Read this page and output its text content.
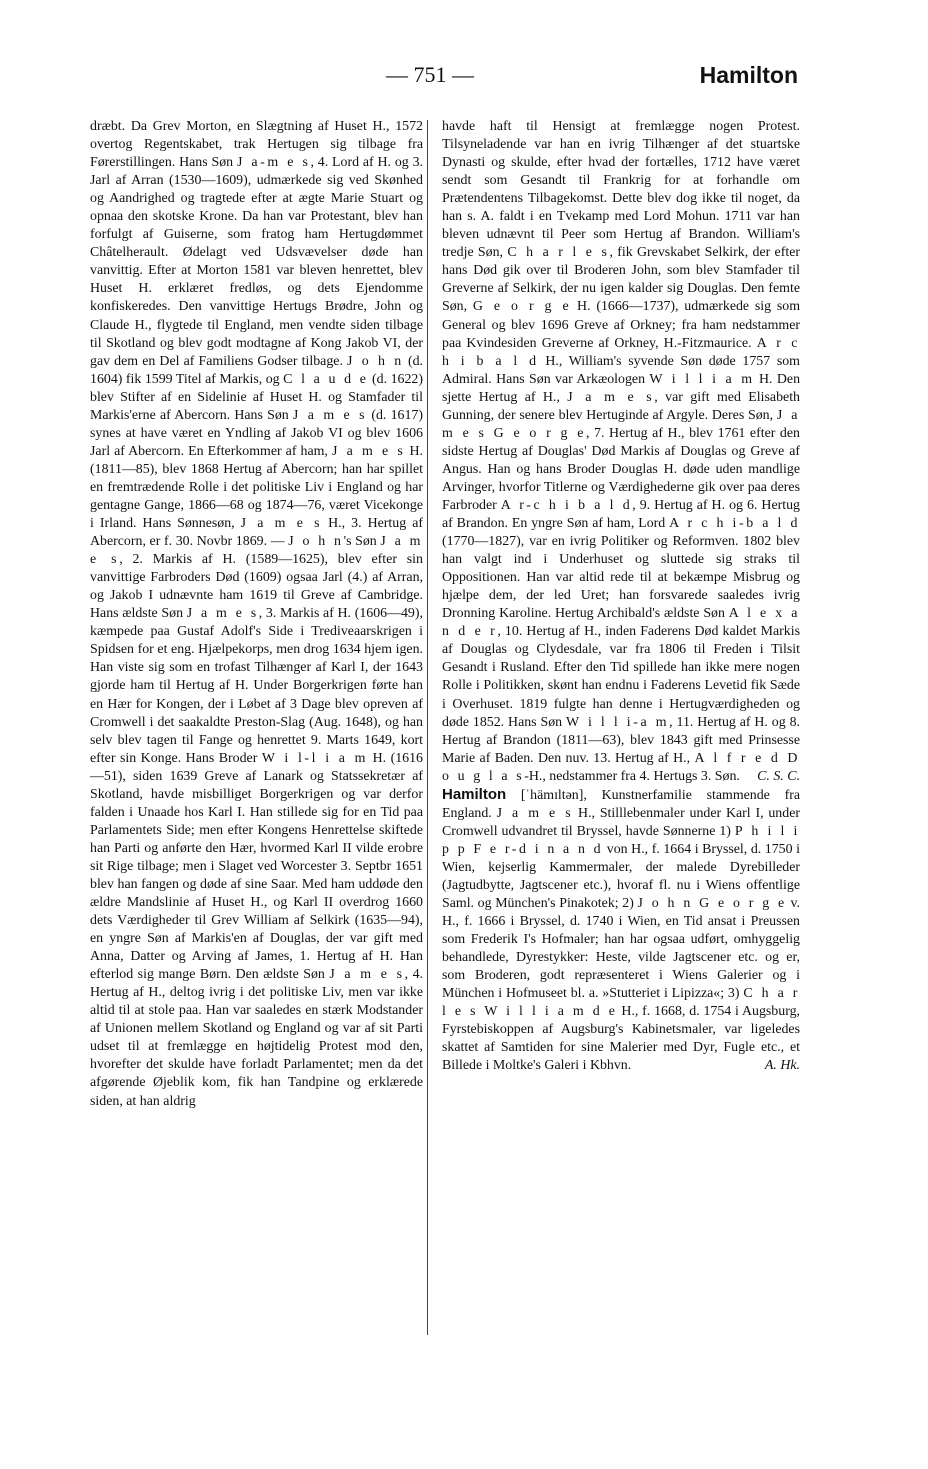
— 751 —	Hamilton

dræbt. Da Grev Morton, en Slægtning af Huset H., 1572 overtog Regentskabet, trak Hertugen sig tilbage fra Førerstillingen. Hans Søn J a-m e s, 4. Lord af H. og 3. Jarl af Arran (1530—1609), udmærkede sig ved Skønhed og Aandrighed og tragtede efter at ægte Marie Stuart og opnaa den skotske Krone. Da han var Protestant, blev han forfulgt af Guiserne, som fratog ham Hertugdømmet Châtelherault. Ødelagt ved Udsvævelser døde han vanvittig. Efter at Morton 1581 var bleven henrettet, blev Huset H. erklæret fredløs, og dets Ejendomme konfiskeredes. Den vanvittige Hertugs Brødre, John og Claude H., flygtede til England, men vendte siden tilbage til Skotland og blev godt modtagne af Kong Jakob VI, der gav dem en Del af Familiens Godser tilbage. J o h n (d. 1604) fik 1599 Titel af Markis, og C l a u d e (d. 1622) blev Stifter af en Sidelinie af Huset H. og Stamfader til Markis'erne af Abercorn. Hans Søn J a m e s (d. 1617) synes at have været en Yndling af Jakob VI og blev 1606 Jarl af Abercorn. En Efterkommer af ham, J a m e s H. (1811—85), blev 1868 Hertug af Abercorn; han har spillet en fremtrædende Rolle i det politiske Liv i England og har gentagne Gange, 1866—68 og 1874—76, været Vicekonge i Irland. Hans Sønnesøn, J a m e s H., 3. Hertug af Abercorn, er f. 30. Novbr 1869. — J o h n's Søn J a m e s, 2. Markis af H. (1589—1625), blev efter sin vanvittige Farbroders Død (1609) ogsaa Jarl (4.) af Arran, og Jakob I udnævnte ham 1619 til Greve af Cambridge. Hans ældste Søn J a m e s, 3. Markis af H. (1606—49), kæmpede paa Gustaf Adolf's Side i Trediveaarskrigen i Spidsen for et eng. Hjælpekorps, men drog 1634 hjem igen. Han viste sig som en trofast Tilhænger af Karl I, der 1643 gjorde ham til Hertug af H. Under Borgerkrigen førte han en Hær for Kongen, der i Løbet af 3 Dage blev opreven af Cromwell i det saakaldte Preston-Slag (Aug. 1648), og han selv blev tagen til Fange og henrettet 9. Marts 1649, kort efter sin Konge. Hans Broder W i l-l i a m H. (1616—51), siden 1639 Greve af Lanark og Statssekretær af Skotland, havde misbilliget Borgerkrigen og var derfor falden i Unaade hos Karl I. Han stillede sig for en Tid paa Parlamentets Side; men efter Kongens Henrettelse skiftede han Parti og anførte den Hær, hvormed Karl II vilde erobre sit Rige tilbage; men i Slaget ved Worcester 3. Septbr 1651 blev han fangen og døde af sine Saar. Med ham uddøde den ældre Mandslinie af Huset H., og Karl II overdrog 1660 dets Værdigheder til Grev William af Selkirk (1635—94), en yngre Søn af Markis'en af Douglas, der var gift med Anna, Datter og Arving af James, 1. Hertug af H. Han efterlod sig mange Børn. Den ældste Søn J a m e s, 4. Hertug af H., deltog ivrig i det politiske Liv, men var ikke altid til at stole paa. Han var saaledes en stærk Modstander af Unionen mellem Skotland og England og var af sit Parti udset til at fremlægge en højtidelig Protest mod den, hvorefter det skulde have forladt Parlamentet; men da det afgørende Øjeblik kom, fik han Tandpine og erklærede siden, at han aldrig

havde haft til Hensigt at fremlægge nogen Protest. Tilsyneladende var han en ivrig Tilhænger af det stuartske Dynasti og skulde, efter hvad der fortælles, 1712 have været sendt som Gesandt til Frankrig for at forhandle om Prætendentens Tilbagekomst. Dette blev dog ikke til noget, da han s. A. faldt i en Tvekamp med Lord Mohun. 1711 var han bleven udnævnt til Peer som Hertug af Brandon. William's tredje Søn, C h a r l e s, fik Grevskabet Selkirk, der efter hans Død gik over til Broderen John, som blev Stamfader til Greverne af Selkirk, der nu igen kalder sig Douglas. Den femte Søn, G e o r g e H. (1666—1737), udmærkede sig som General og blev 1696 Greve af Orkney; fra ham nedstammer paa Kvindesiden Greverne af Orkney, H.-Fitzmaurice. A r c h i b a l d H., William's syvende Søn døde 1757 som Admiral. Hans Søn var Arkæologen W i l l i a m H. Den sjette Hertug af H., J a m e s, var gift med Elisabeth Gunning, der senere blev Hertuginde af Argyle. Deres Søn, J a m e s G e o r g e, 7. Hertug af H., blev 1761 efter den sidste Hertug af Douglas' Død Markis af Douglas og Greve af Angus. Han og hans Broder Douglas H. døde uden mandlige Arvinger, hvorfor Titlerne og Værdighederne gik over paa deres Farbroder A r-c h i b a l d, 9. Hertug af H. og 6. Hertug af Brandon. En yngre Søn af ham, Lord A r c h i-b a l d (1770—1827), var en ivrig Politiker og Reformven. 1802 blev han valgt ind i Underhuset og sluttede sig straks til Oppositionen. Han var altid rede til at bekæmpe Misbrug og hjælpe dem, der led Uret; han forsvarede saaledes ivrig Dronning Karoline. Hertug Archibald's ældste Søn A l e x a n d e r, 10. Hertug af H., inden Faderens Død kaldet Markis af Douglas og Clydesdale, var fra 1806 til Freden i Tilsit Gesandt i Rusland. Efter den Tid spillede han ikke mere nogen Rolle i Politikken, skønt han endnu i Faderens Levetid fik Sæde i Overhuset. 1819 fulgte han denne i Hertugværdigheden og døde 1852. Hans Søn W i l l i-a m, 11. Hertug af H. og 8. Hertug af Brandon (1811—63), blev 1843 gift med Prinsesse Marie af Baden. Den nuv. 13. Hertug af H., A l f r e d D o u g l a s-H., nedstammer fra 4. Hertugs 3. Søn. C. S. C.

Hamilton [ˈhämɪltən], Kunstnerfamilie stammende fra England. J a m e s H., Stilllebenmaler under Karl I, under Cromwell udvandret til Bryssel, havde Sønnerne 1) P h i l i p p F e r-d i n a n d von H., f. 1664 i Bryssel, d. 1750 i Wien, kejserlig Kammermaler, der malede Dyrebilleder (Jagtudbytte, Jagtscener etc.), hvoraf fl. nu i Wiens offentlige Saml. og München's Pinakotek; 2) J o h n G e o r g e v. H., f. 1666 i Bryssel, d. 1740 i Wien, en Tid ansat i Preussen som Frederik I's Hofmaler; han har ogsaa udført, omhyggelig behandlede, Dyrestykker: Heste, vilde Jagtscener etc. og er, som Broderen, godt repræsenteret i Wiens Galerier og i München i Hofmuseet bl. a. »Stutteriet i Lipizza«; 3) C h a r l e s W i l l i a m d e H., f. 1668, d. 1754 i Augsburg, Fyrstebiskoppen af Augsburg's Kabinetsmaler, var ligeledes skattet af Samtiden for sine Malerier med Dyr, Fugle etc., et Billede i Moltke's Galeri i Kbhvn.	A. Hk.
